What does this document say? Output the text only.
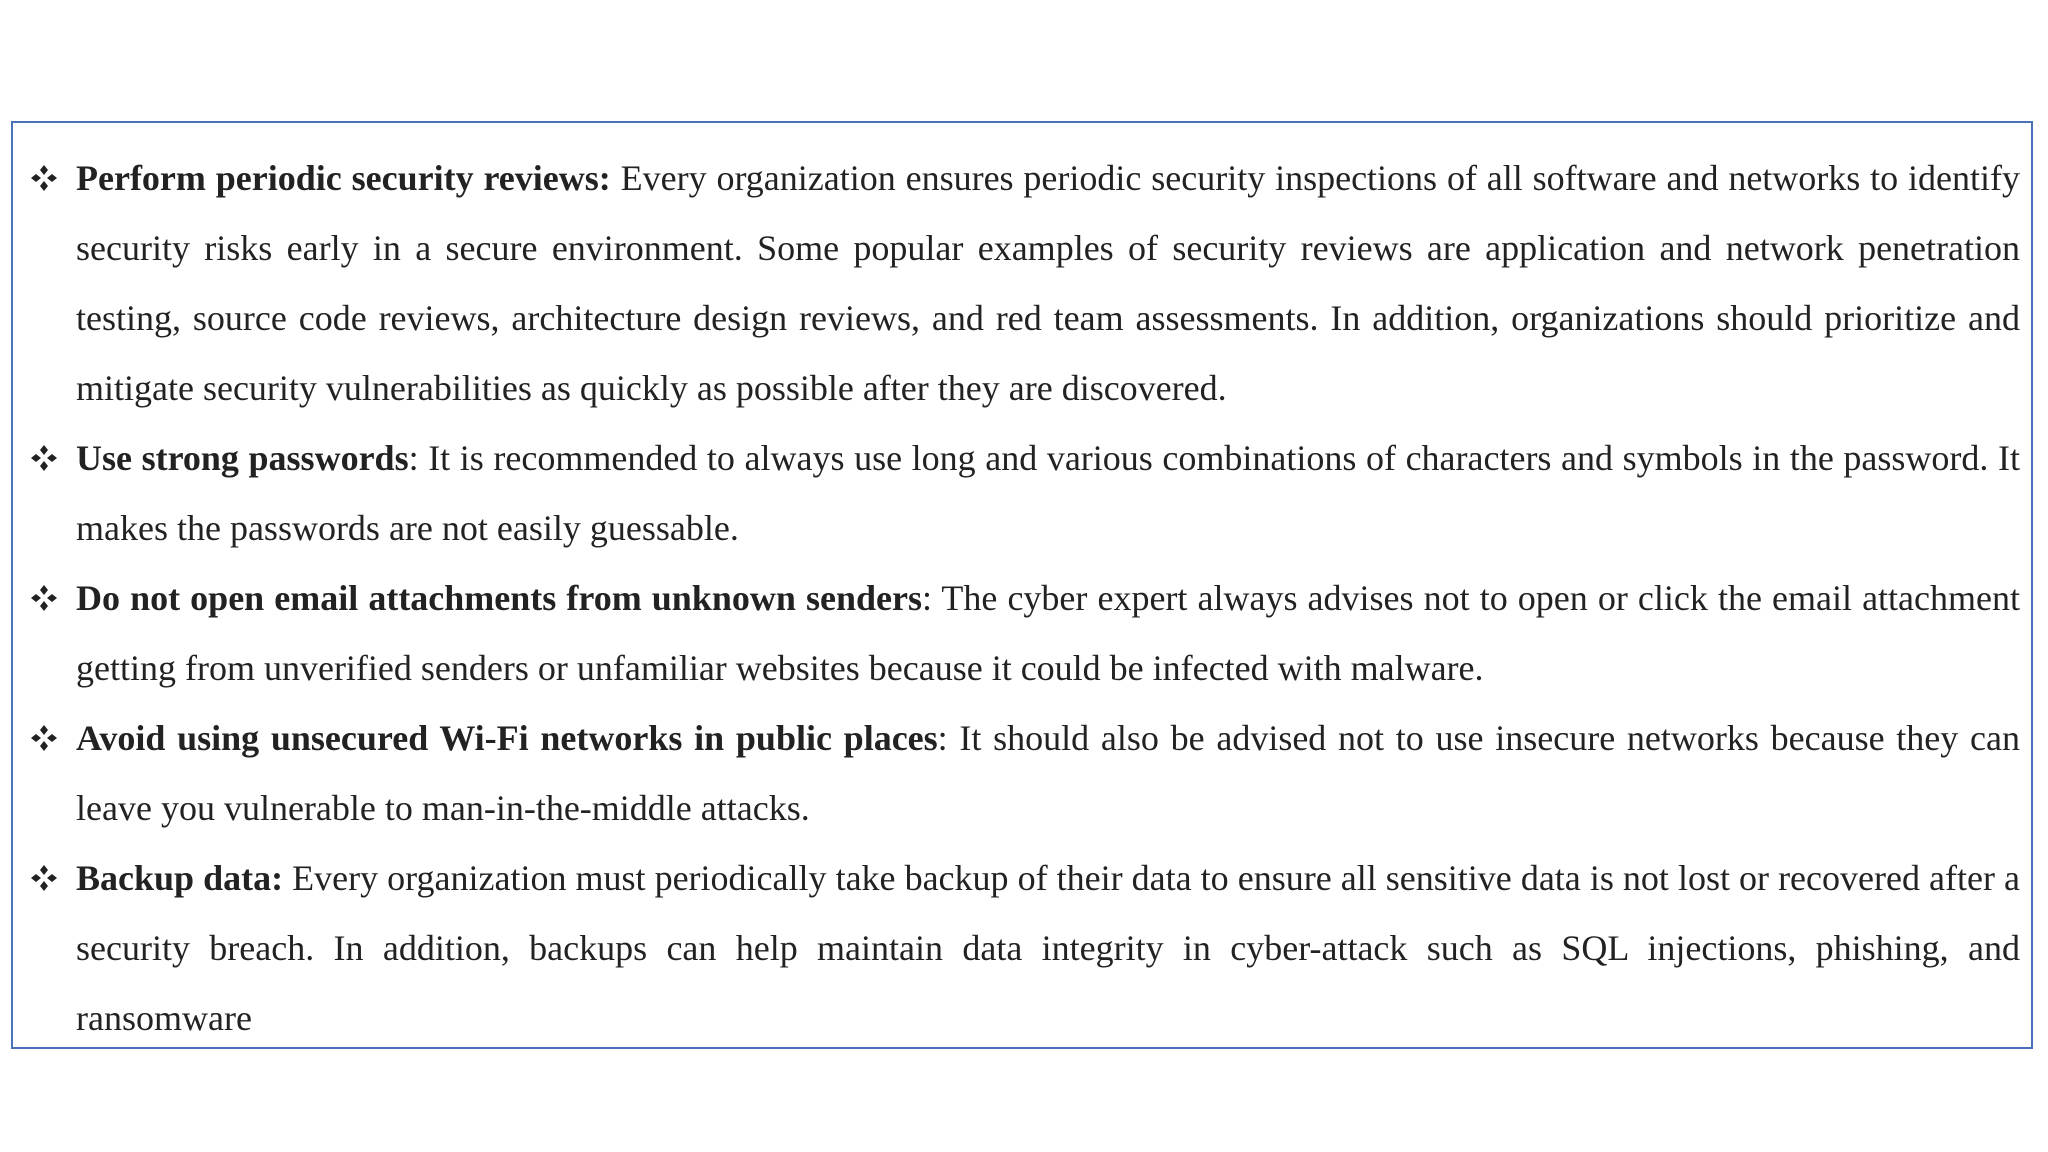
Perform periodic security reviews: Every organization ensures periodic security inspections of all software and networks to identify security risks early in a secure environment. Some popular examples of security reviews are application and network penetration testing, source code reviews, architecture design reviews, and red team assessments. In addition, organizations should prioritize and mitigate security vulnerabilities as quickly as possible after they are discovered.
Use strong passwords: It is recommended to always use long and various combinations of characters and symbols in the password. It makes the passwords are not easily guessable.
Do not open email attachments from unknown senders: The cyber expert always advises not to open or click the email attachment getting from unverified senders or unfamiliar websites because it could be infected with malware.
Avoid using unsecured Wi-Fi networks in public places: It should also be advised not to use insecure networks because they can leave you vulnerable to man-in-the-middle attacks.
Backup data: Every organization must periodically take backup of their data to ensure all sensitive data is not lost or recovered after a security breach. In addition, backups can help maintain data integrity in cyber-attack such as SQL injections, phishing, and ransomware
